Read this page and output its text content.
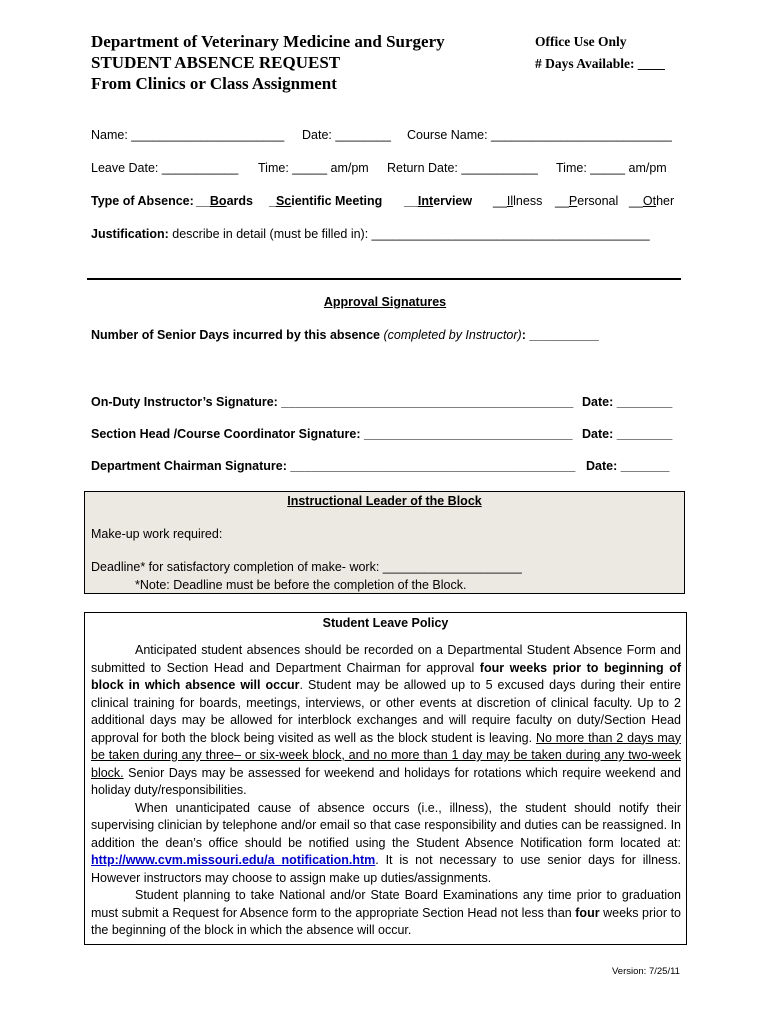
Department of Veterinary Medicine and Surgery
STUDENT ABSENCE REQUEST
From Clinics or Class Assignment
Office Use Only
# Days Available: ____
Name: ______________________ Date: ________ Course Name: __________________________
Leave Date: ___________ Time: _____ am/pm Return Date: ___________ Time: _____ am/pm
Type of Absence: __Boards _Scientific Meeting __Interview __Illness __Personal __Other
Justification: describe in detail (must be filled in): ________________________________________
Approval Signatures
Number of Senior Days incurred by this absence (completed by Instructor): __________
On-Duty Instructor’s Signature: __________________________________________ Date: ________
Section Head /Course Coordinator Signature: ______________________________ Date: ________
Department Chairman Signature: _________________________________________ Date: _______
Instructional Leader of the Block
Make-up work required:
Deadline* for satisfactory completion of make- work: ____________________
*Note: Deadline must be before the completion of the Block.
Student Leave Policy

Anticipated student absences should be recorded on a Departmental Student Absence Form and submitted to Section Head and Department Chairman for approval four weeks prior to beginning of block in which absence will occur. Student may be allowed up to 5 excused days during their entire clinical training for boards, meetings, interviews, or other events at discretion of clinical faculty. Up to 2 additional days may be allowed for interblock exchanges and will require faculty on duty/Section Head approval for both the block being visited as well as the block student is leaving. No more than 2 days may be taken during any three– or six-week block, and no more than 1 day may be taken during any two-week block. Senior Days may be assessed for weekend and holidays for rotations which require weekend and holiday duty/responsibilities.

When unanticipated cause of absence occurs (i.e., illness), the student should notify their supervising clinician by telephone and/or email so that case responsibility and duties can be reassigned. In addition the dean’s office should be notified using the Student Absence Notification form located at: http://www.cvm.missouri.edu/a_notification.htm. It is not necessary to use senior days for illness. However instructors may choose to assign make up duties/assignments.

Student planning to take National and/or State Board Examinations any time prior to graduation must submit a Request for Absence form to the appropriate Section Head not less than four weeks prior to the beginning of the block in which the absence will occur.

Version: 7/25/11
